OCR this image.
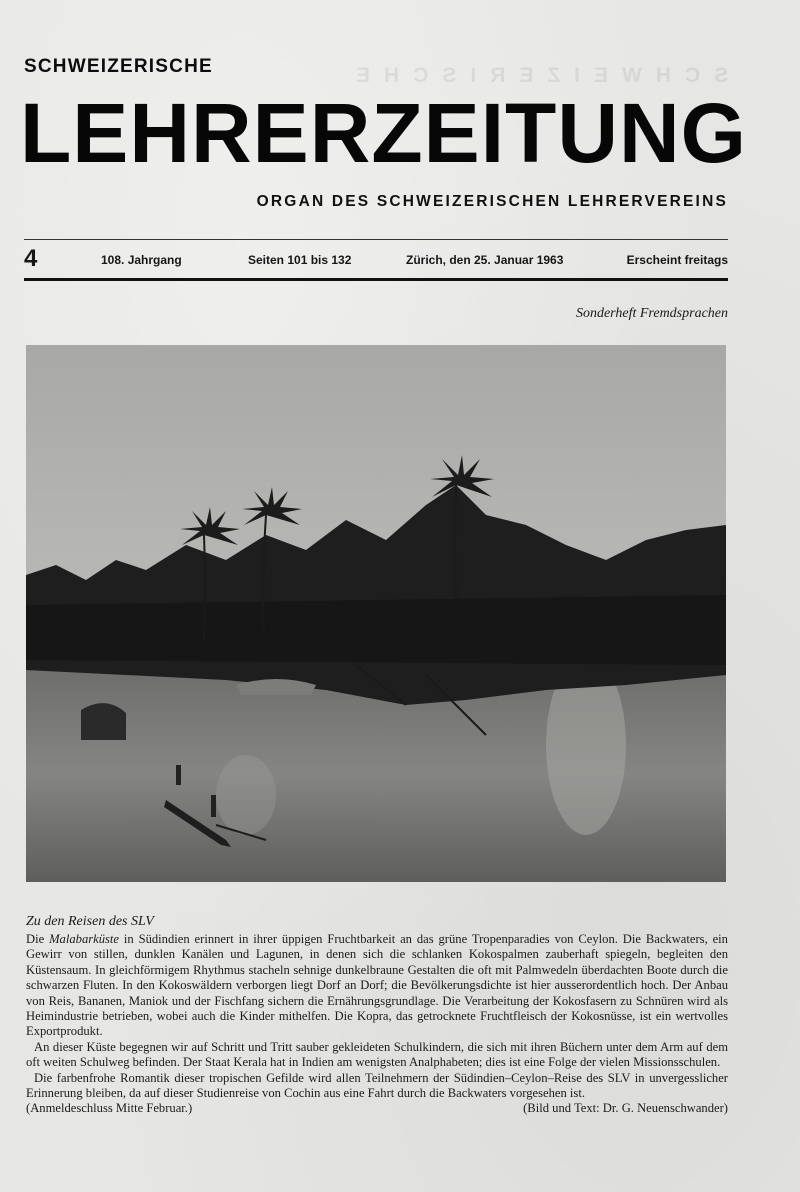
SCHWEIZERISCHE
SCHWEIZERISCHE
LEHRERZEITUNG
ORGAN DES SCHWEIZERISCHEN LEHRERVEREINS
4	108. Jahrgang	Seiten 101 bis 132	Zürich, den 25. Januar 1963	Erscheint freitags
Sonderheft Fremdsprachen
Zu den Reisen des SLV

Die Malabarküste in Südindien erinnert in ihrer üppigen Fruchtbarkeit an das grüne Tropenparadies von Ceylon. Die Backwaters, ein Gewirr von stillen, dunklen Kanälen und Lagunen, in denen sich die schlanken Kokospalmen zauberhaft spiegeln, begleiten den Küstensaum. In gleichförmigem Rhythmus stacheln sehnige dunkelbraune Gestalten die oft mit Palmwedeln überdachten Boote durch die schwarzen Fluten. In den Kokoswäldern verborgen liegt Dorf an Dorf; die Bevölkerungsdichte ist hier ausserordentlich hoch. Der Anbau von Reis, Bananen, Maniok und der Fischfang sichern die Ernährungsgrundlage. Die Verarbeitung der Kokosfasern zu Schnüren wird als Heimindustrie betrieben, wobei auch die Kinder mithelfen. Die Kopra, das getrocknete Fruchtfleisch der Kokosnüsse, ist ein wertvolles Exportprodukt.

An dieser Küste begegnen wir auf Schritt und Tritt sauber gekleideten Schulkindern, die sich mit ihren Büchern unter dem Arm auf dem oft weiten Schulweg befinden. Der Staat Kerala hat in Indien am wenigsten Analphabeten; dies ist eine Folge der vielen Missionsschulen.

Die farbenfrohe Romantik dieser tropischen Gefilde wird allen Teilnehmern der Südindien–Ceylon–Reise des SLV in unvergesslicher Erinnerung bleiben, da auf dieser Studienreise von Cochin aus eine Fahrt durch die Backwaters vorgesehen ist.

(Anmeldeschluss Mitte Februar.)	(Bild und Text: Dr. G. Neuenschwander)
